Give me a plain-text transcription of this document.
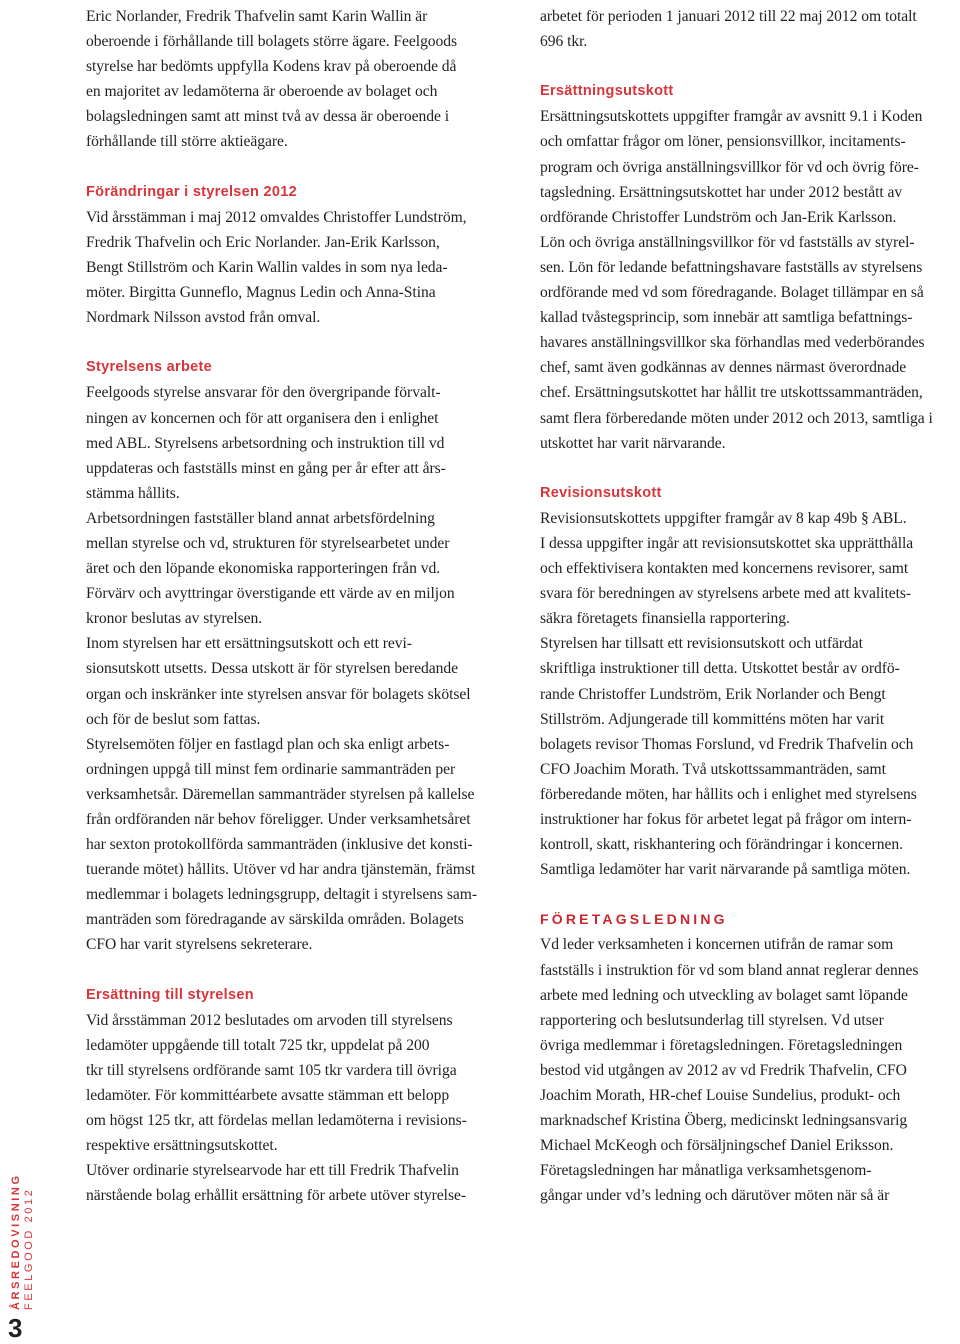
Eric Norlander, Fredrik Thafvelin samt Karin Wallin är
oberoende i förhållande till bolagets större ägare. Feelgoods
styrelse har bedömts uppfylla Kodens krav på oberoende då
en majoritet av ledamöterna är oberoende av bolaget och
bolagsledningen samt att minst två av dessa är oberoende i
förhållande till större aktieägare.

Förändringar i styrelsen 2012

Vid årsstämman i maj 2012 omvaldes Christoffer Lundström,
Fredrik Thafvelin och Eric Norlander. Jan-Erik Karlsson,
Bengt Stillström och Karin Wallin valdes in som nya leda-
möter. Birgitta Gunneflo, Magnus Ledin och Anna-Stina
Nordmark Nilsson avstod från omval.

Styrelsens arbete

Feelgoods styrelse ansvarar för den övergripande förvalt-
ningen av koncernen och för att organisera den i enlighet
med ABL. Styrelsens arbetsordning och instruktion till vd
uppdateras och fastställs minst en gång per år efter att års-
stämma hållits.

Arbetsordningen fastställer bland annat arbetsfördelning
mellan styrelse och vd, strukturen för styrelsearbetet under
äret och den löpande ekonomiska rapporteringen från vd.
Förvärv och avyttringar överstigande ett värde av en miljon
kronor beslutas av styrelsen.

Inom styrelsen har ett ersättningsutskott och ett revi-
sionsutskott utsetts. Dessa utskott är för styrelsen beredande
organ och inskränker inte styrelsen ansvar för bolagets skötsel
och för de beslut som fattas.

Styrelsemöten följer en fastlagd plan och ska enligt arbets-
ordningen uppgå till minst fem ordinarie sammanträden per
verksamhetsår. Däremellan sammanträder styrelsen på kallelse
från ordföranden när behov föreligger. Under verksamhetsåret
har sexton protokollförda sammanträden (inklusive det konsti-
tuerande mötet) hållits. Utöver vd har andra tjänstemän, främst
medlemmar i bolagets ledningsgrupp, deltagit i styrelsens sam-
manträden som föredragande av särskilda områden. Bolagets
CFO har varit styrelsens sekreterare.

Ersättning till styrelsen

Vid årsstämman 2012 beslutades om arvoden till styrelsens
ledamöter uppgående till totalt 725 tkr, uppdelat på 200
tkr till styrelsens ordförande samt 105 tkr vardera till övriga
ledamöter. För kommittéarbete avsatte stämman ett belopp
om högst 125 tkr, att fördelas mellan ledamöterna i revisions-
respektive ersättningsutskottet.

Utöver ordinarie styrelsearvode har ett till Fredrik Thafvelin
närstående bolag erhållit ersättning för arbete utöver styrelse-

arbetet för perioden 1 januari 2012 till 22 maj 2012 om totalt
696 tkr.

Ersättningsutskott

Ersättningsutskottets uppgifter framgår av avsnitt 9.1 i Koden
och omfattar frågor om löner, pensionsvillkor, incitaments-
program och övriga anställningsvillkor för vd och övrig före-
tagsledning. Ersättningsutskottet har under 2012 bestått av
ordförande Christoffer Lundström och Jan-Erik Karlsson.

Lön och övriga anställningsvillkor för vd fastställs av styrel-
sen. Lön för ledande befattningshavare fastställs av styrelsens
ordförande med vd som föredragande. Bolaget tillämpar en så
kallad tvåstegsprincip, som innebär att samtliga befattnings-
havares anställningsvillkor ska förhandlas med vederbörandes
chef, samt även godkännas av dennes närmast överordnade
chef. Ersättningsutskottet har hållit tre utskottssammanträden,
samt flera förberedande möten under 2012 och 2013, samtliga i
utskottet har varit närvarande.

Revisionsutskott

Revisionsutskottets uppgifter framgår av 8 kap 49b § ABL.
I dessa uppgifter ingår att revisionsutskottet ska upprätthålla
och effektivisera kontakten med koncernens revisorer, samt
svara för beredningen av styrelsens arbete med att kvalitets-
säkra företagets finansiella rapportering.

Styrelsen har tillsatt ett revisionsutskott och utfärdat
skriftliga instruktioner till detta. Utskottet består av ordfö-
rande Christoffer Lundström, Erik Norlander och Bengt
Stillström. Adjungerade till kommitténs möten har varit
bolagets revisor Thomas Forslund, vd Fredrik Thafvelin och
CFO Joachim Morath. Två utskottssammanträden, samt
förberedande möten, har hållits och i enlighet med styrelsens
instruktioner har fokus för arbetet legat på frågor om intern-
kontroll, skatt, riskhantering och förändringar i koncernen.
Samtliga ledamöter har varit närvarande på samtliga möten.

FÖRETAGSLEDNING

Vd leder verksamheten i koncernen utifrån de ramar som
fastställs i instruktion för vd som bland annat reglerar dennes
arbete med ledning och utveckling av bolaget samt löpande
rapportering och beslutsunderlag till styrelsen. Vd utser
övriga medlemmar i företagsledningen. Företagsledningen
bestod vid utgången av 2012 av vd Fredrik Thafvelin, CFO
Joachim Morath, HR-chef Louise Sundelius, produkt- och
marknadschef Kristina Öberg, medicinskt ledningsansvarig
Michael McKeogh och försäljningschef Daniel Eriksson.

Företagsledningen har månatliga verksamhetsgenom-
gångar under vd’s ledning och därutöver möten när så är

ÅRSREDOVISNING FEELGOOD 2012
3
